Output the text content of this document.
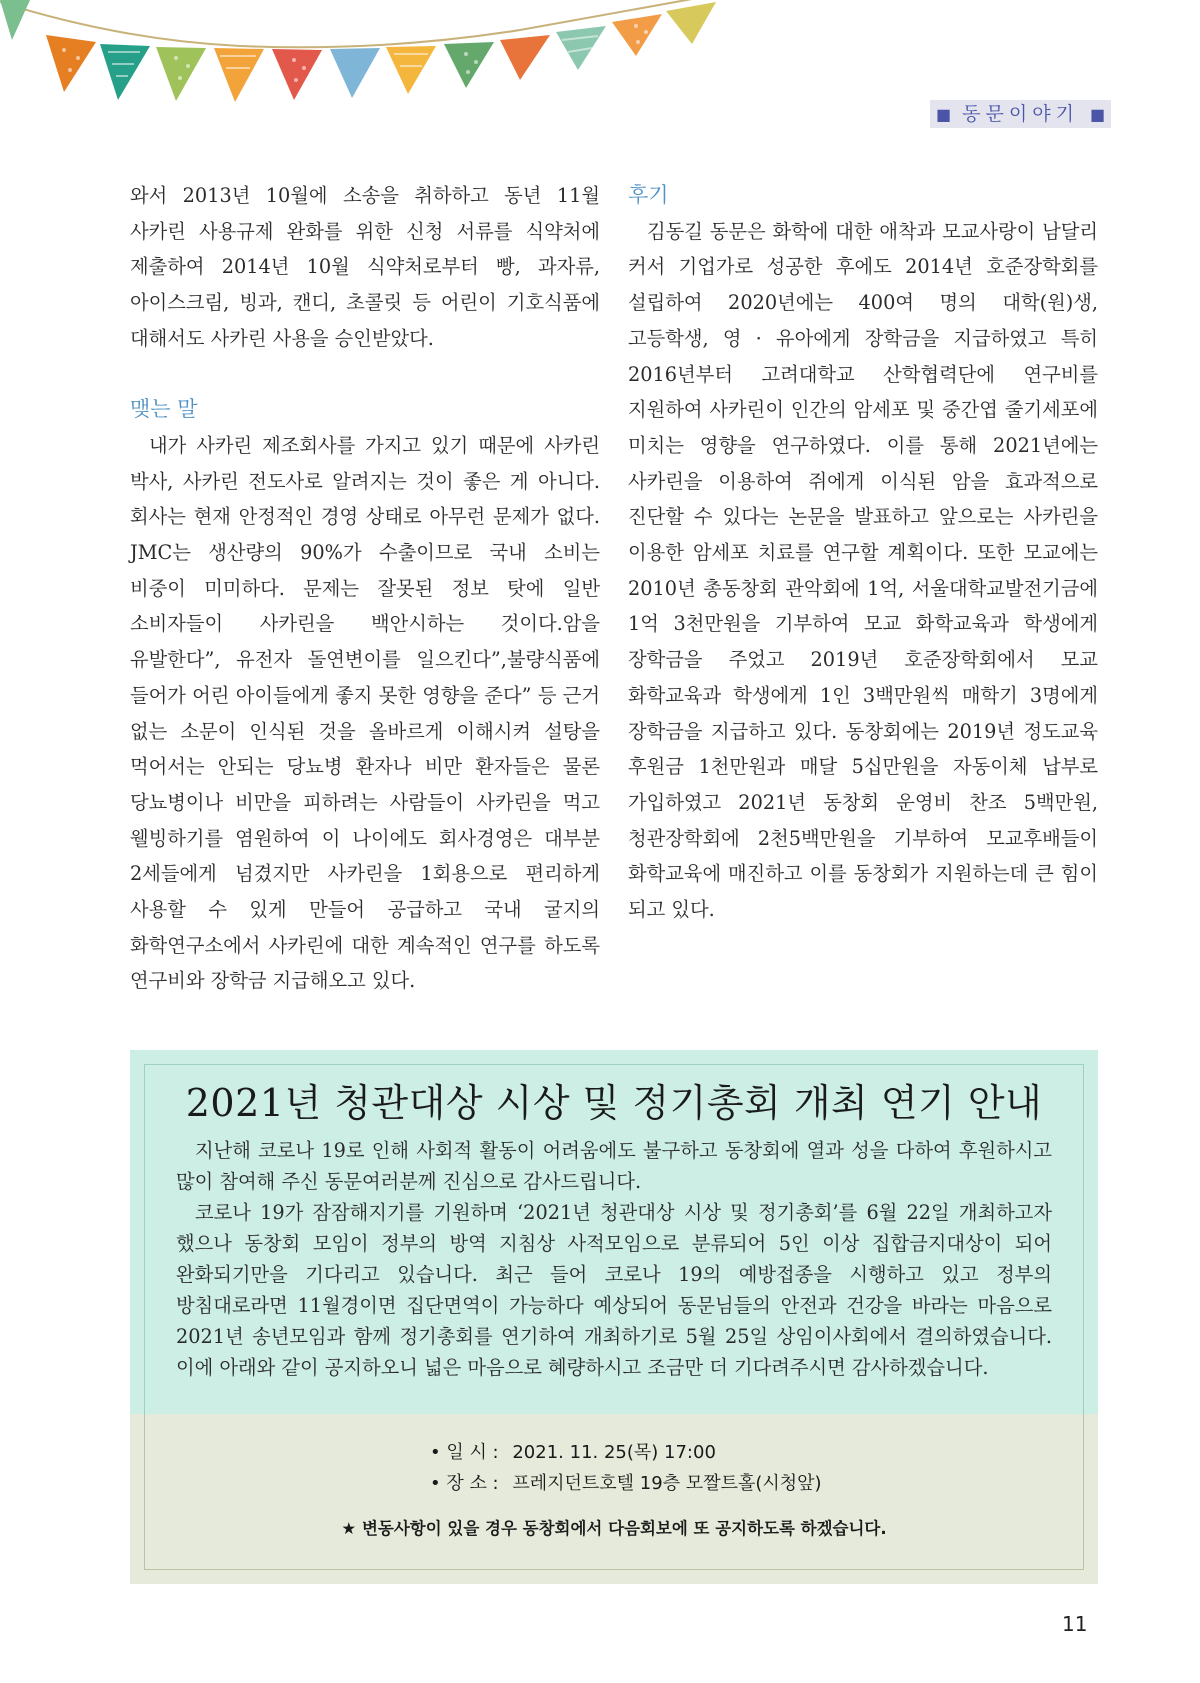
■ 동문이야기 ■

와서 2013년 10월에 소송을 취하하고 동년 11월 사카린 사용규제 완화를 위한 신청 서류를 식약처에 제출하여 2014년 10월 식약처로부터 빵, 과자류, 아이스크림, 빙과, 캔디, 초콜릿 등 어린이 기호식품에 대해서도 사카린 사용을 승인받았다.

맺는 말

내가 사카린 제조회사를 가지고 있기 때문에 사카린 박사, 사카린 전도사로 알려지는 것이 좋은 게 아니다. 회사는 현재 안정적인 경영 상태로 아무런 문제가 없다. JMC는 생산량의 90%가 수출이므로 국내 소비는 비중이 미미하다. 문제는 잘못된 정보 탓에 일반 소비자들이 사카린을 백안시하는 것이다.암을 유발한다”, 유전자 돌연변이를 일으킨다”,불량식품에 들어가 어린 아이들에게 좋지 못한 영향을 준다” 등 근거 없는 소문이 인식된 것을 올바르게 이해시켜 설탕을 먹어서는 안되는 당뇨병 환자나 비만 환자들은 물론 당뇨병이나 비만을 피하려는 사람들이 사카린을 먹고 웰빙하기를 염원하여 이 나이에도 회사경영은 대부분 2세들에게 넘겼지만 사카린을 1회용으로 편리하게 사용할 수 있게 만들어 공급하고 국내 굴지의 화학연구소에서 사카린에 대한 계속적인 연구를 하도록 연구비와 장학금 지급해오고 있다.

후기

김동길 동문은 화학에 대한 애착과 모교사랑이 남달리 커서 기업가로 성공한 후에도 2014년 호준장학회를 설립하여 2020년에는 400여 명의 대학(원)생, 고등학생, 영 · 유아에게 장학금을 지급하였고 특히 2016년부터 고려대학교 산학협력단에 연구비를 지원하여 사카린이 인간의 암세포 및 중간엽 줄기세포에 미치는 영향을 연구하였다. 이를 통해 2021년에는 사카린을 이용하여 쥐에게 이식된 암을 효과적으로 진단할 수 있다는 논문을 발표하고 앞으로는 사카린을 이용한 암세포 치료를 연구할 계획이다. 또한 모교에는 2010년 총동창회 관악회에 1억, 서울대학교발전기금에 1억 3천만원을 기부하여 모교 화학교육과 학생에게 장학금을 주었고 2019년 호준장학회에서 모교 화학교육과 학생에게 1인 3백만원씩 매학기 3명에게 장학금을 지급하고 있다. 동창회에는 2019년 정도교육 후원금 1천만원과 매달 5십만원을 자동이체 납부로 가입하였고 2021년 동창회 운영비 찬조 5백만원, 청관장학회에 2천5백만원을 기부하여 모교후배들이 화학교육에 매진하고 이를 동창회가 지원하는데 큰 힘이 되고 있다.

2021년 청관대상 시상 및 정기총회 개최 연기 안내

지난해 코로나 19로 인해 사회적 활동이 어려움에도 불구하고 동창회에 열과 성을 다하여 후원하시고 많이 참여해 주신 동문여러분께 진심으로 감사드립니다.

코로나 19가 잠잠해지기를 기원하며 ‘2021년 청관대상 시상 및 정기총회’를 6월 22일 개최하고자 했으나 동창회 모임이 정부의 방역 지침상 사적모임으로 분류되어 5인 이상 집합금지대상이 되어 완화되기만을 기다리고 있습니다. 최근 들어 코로나 19의 예방접종을 시행하고 있고 정부의 방침대로라면 11월경이면 집단면역이 가능하다 예상되어 동문님들의 안전과 건강을 바라는 마음으로 2021년 송년모임과 함께 정기총회를 연기하여 개최하기로 5월 25일 상임이사회에서 결의하였습니다. 이에 아래와 같이 공지하오니 넓은 마음으로 혜량하시고 조금만 더 기다려주시면 감사하겠습니다.

• 일 시 : 2021. 11. 25(목) 17:00
• 장 소 : 프레지던트호텔 19층 모짤트홀(시청앞)
★ 변동사항이 있을 경우 동창회에서 다음회보에 또 공지하도록 하겠습니다.
11
